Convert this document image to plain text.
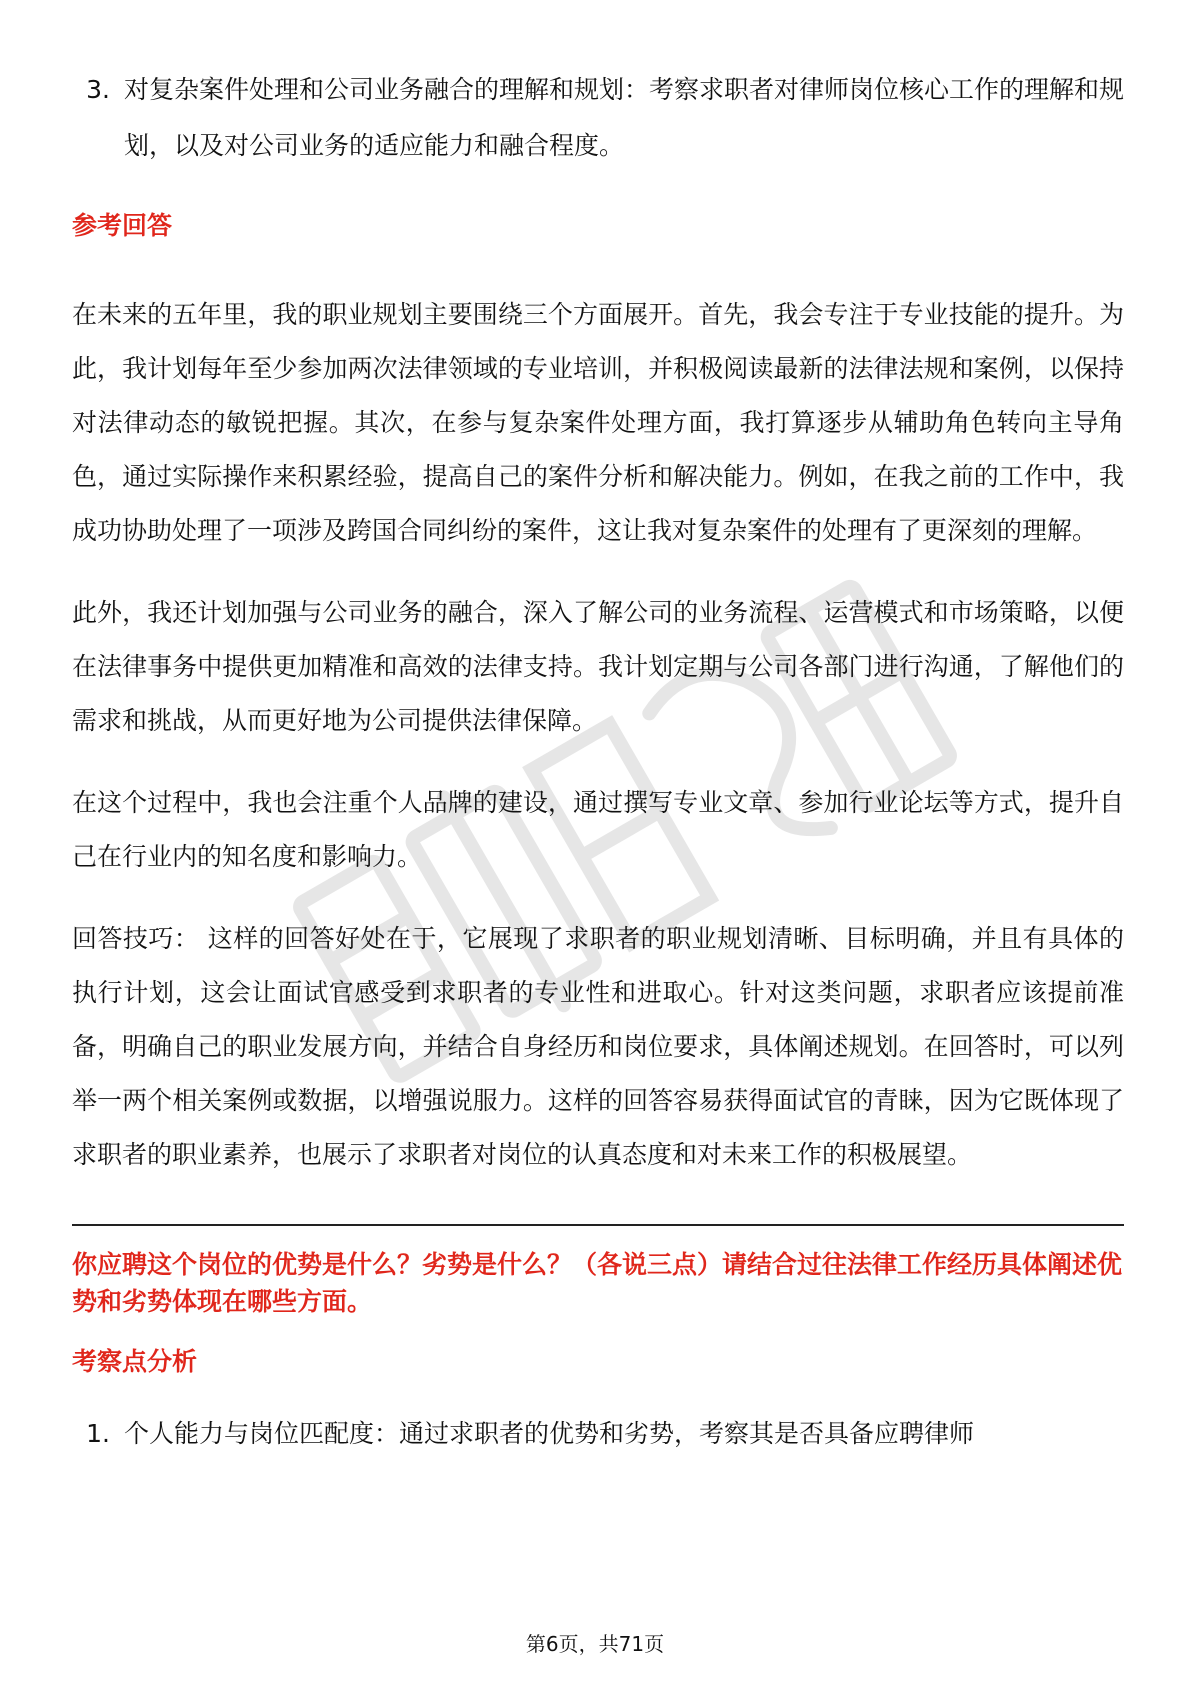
3. 对复杂案件处理和公司业务融合的理解和规划：考察求职者对律师岗位核心工作的理解和规划，以及对公司业务的适应能力和融合程度。
参考回答

在未来的五年里，我的职业规划主要围绕三个方面展开。首先，我会专注于专业技能的提升。为此，我计划每年至少参加两次法律领域的专业培训，并积极阅读最新的法律法规和案例，以保持对法律动态的敏锐把握。其次，在参与复杂案件处理方面，我打算逐步从辅助角色转向主导角色，通过实际操作来积累经验，提高自己的案件分析和解决能力。例如，在我之前的工作中，我成功协助处理了一项涉及跨国合同纠纷的案件，这让我对复杂案件的处理有了更深刻的理解。

此外，我还计划加强与公司业务的融合，深入了解公司的业务流程、运营模式和市场策略，以便在法律事务中提供更加精准和高效的法律支持。我计划定期与公司各部门进行沟通，了解他们的需求和挑战，从而更好地为公司提供法律保障。

在这个过程中，我也会注重个人品牌的建设，通过撰写专业文章、参加行业论坛等方式，提升自己在行业内的知名度和影响力。

回答技巧： 这样的回答好处在于，它展现了求职者的职业规划清晰、目标明确，并且有具体的执行计划，这会让面试官感受到求职者的专业性和进取心。针对这类问题，求职者应该提前准备，明确自己的职业发展方向，并结合自身经历和岗位要求，具体阐述规划。在回答时，可以列举一两个相关案例或数据，以增强说服力。这样的回答容易获得面试官的青睐，因为它既体现了求职者的职业素养，也展示了求职者对岗位的认真态度和对未来工作的积极展望。

你应聘这个岗位的优势是什么？劣势是什么？（各说三点）请结合过往法律工作经历具体阐述优势和劣势体现在哪些方面。
考察点分析
1. 个人能力与岗位匹配度：通过求职者的优势和劣势，考察其是否具备应聘律师
第6页，共71页
